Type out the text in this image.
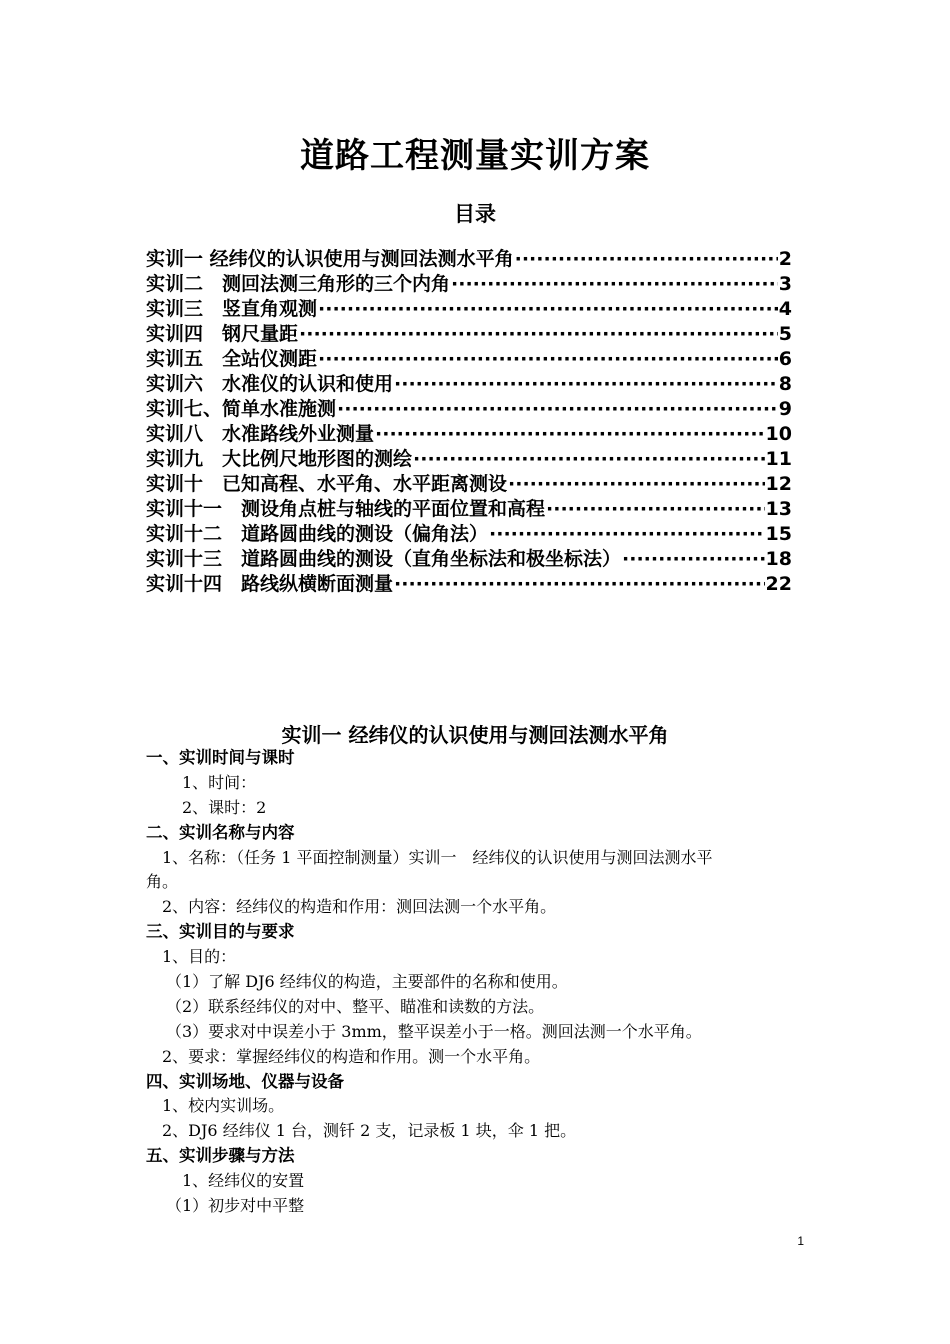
道路工程测量实训方案
目录
实训一 经纬仪的认识使用与测回法测水平角 ·····	2
实训二　测回法测三角形的三个内角 ·····	3
实训三　竖直角观测 ·····	4
实训四　钢尺量距 ·····	5
实训五　全站仪测距 ·····	6
实训六　水准仪的认识和使用 ·····	8
实训七、简单水准施测 ·····	9
实训八　水准路线外业测量 ·····	10
实训九　大比例尺地形图的测绘 ·····	11
实训十　已知高程、水平角、水平距离测设 ·····	12
实训十一　测设角点桩与轴线的平面位置和高程 ·····	13
实训十二　道路圆曲线的测设（偏角法） ·····	15
实训十三　道路圆曲线的测设（直角坐标法和极坐标法） ·····	18
实训十四　路线纵横断面测量 ·····	22
实训一 经纬仪的认识使用与测回法测水平角
一、实训时间与课时
1、时间：
2、课时：2
二、实训名称与内容
1、名称：（任务 1 平面控制测量）实训一　经纬仪的认识使用与测回法测水平
角。
2、内容：经纬仪的构造和作用：测回法测一个水平角。
三、实训目的与要求
1、目的：
（1）了解 DJ6 经纬仪的构造，主要部件的名称和使用。
（2）联系经纬仪的对中、整平、瞄准和读数的方法。
（3）要求对中误差小于 3mm，整平误差小于一格。测回法测一个水平角。
2、要求：掌握经纬仪的构造和作用。测一个水平角。
四、实训场地、仪器与设备
1、校内实训场。
2、DJ6 经纬仪 1 台，测钎 2 支，记录板 1 块，伞 1 把。
五、实训步骤与方法
1、经纬仪的安置
（1）初步对中平整
1
